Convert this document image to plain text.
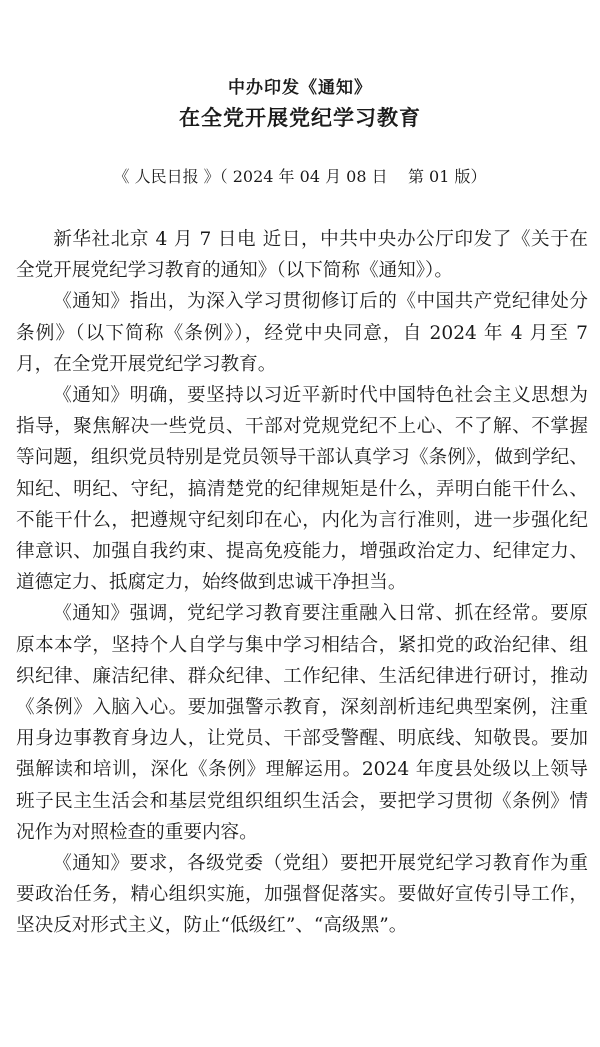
中办印发《通知》
在全党开展党纪学习教育
《 人民日报 》（ 2024 年 04 月 08 日    第 01 版）

新华社北京 4 月 7 日电 近日，中共中央办公厅印发了《关于在全党开展党纪学习教育的通知》（以下简称《通知》）。

《通知》指出，为深入学习贯彻修订后的《中国共产党纪律处分条例》（以下简称《条例》），经党中央同意，自 2024 年 4 月至 7 月，在全党开展党纪学习教育。

《通知》明确，要坚持以习近平新时代中国特色社会主义思想为指导，聚焦解决一些党员、干部对党规党纪不上心、不了解、不掌握等问题，组织党员特别是党员领导干部认真学习《条例》，做到学纪、知纪、明纪、守纪，搞清楚党的纪律规矩是什么，弄明白能干什么、不能干什么，把遵规守纪刻印在心，内化为言行准则，进一步强化纪律意识、加强自我约束、提高免疫能力，增强政治定力、纪律定力、道德定力、抵腐定力，始终做到忠诚干净担当。

《通知》强调，党纪学习教育要注重融入日常、抓在经常。要原原本本学，坚持个人自学与集中学习相结合，紧扣党的政治纪律、组织纪律、廉洁纪律、群众纪律、工作纪律、生活纪律进行研讨，推动《条例》入脑入心。要加强警示教育，深刻剖析违纪典型案例，注重用身边事教育身边人，让党员、干部受警醒、明底线、知敬畏。要加强解读和培训，深化《条例》理解运用。2024 年度县处级以上领导班子民主生活会和基层党组织组织生活会，要把学习贯彻《条例》情况作为对照检查的重要内容。

《通知》要求，各级党委（党组）要把开展党纪学习教育作为重要政治任务，精心组织实施，加强督促落实。要做好宣传引导工作，坚决反对形式主义，防止“低级红”、“高级黑”。
